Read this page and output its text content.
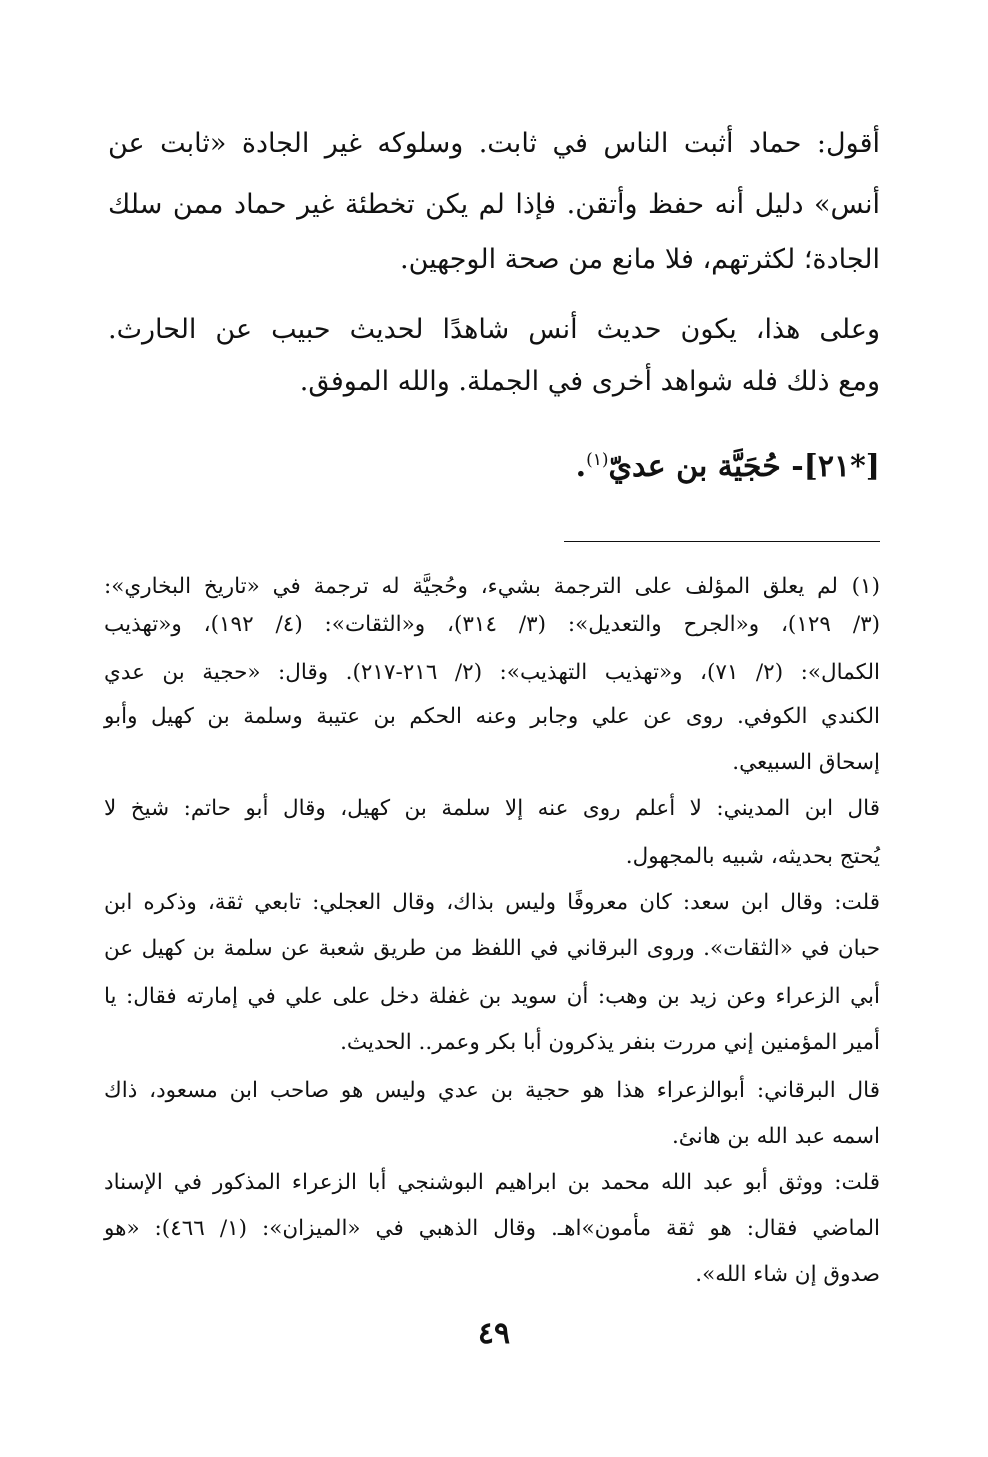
أقول: حماد أثبت الناس في ثابت. وسلوكه غير الجادة «ثابت عن
أنس» دليل أنه حفظ وأتقن. فإذا لم يكن تخطئة غير حماد ممن سلك
الجادة؛ لكثرتهم، فلا مانع من صحة الوجهين.
وعلى هذا، يكون حديث أنس شاهدًا لحديث حبيب عن الحارث.
ومع ذلك فله شواهد أخرى في الجملة. والله الموفق.
[*٢١]- حُجَيَّة بن عديّ$^{(١)}$.
(١)
لم يعلق المؤلف على الترجمة بشيء، وحُجيَّة له ترجمة في «تاريخ البخاري»:
(٣/ ١٢٩)، و«الجرح والتعديل»: (٣/ ٣١٤)، و«الثقات»: (٤/ ١٩٢)، و«تهذيب
الكمال»: (٢/ ٧١)، و«تهذيب التهذيب»: (٢/ ٢١٦-٢١٧). وقال: «حجية بن عدي
الكندي الكوفي. روى عن علي وجابر وعنه الحكم بن عتيبة وسلمة بن كهيل وأبو
إسحاق السبيعي.
قال ابن المديني: لا أعلم روى عنه إلا سلمة بن كهيل، وقال أبو حاتم: شيخ لا
يُحتج بحديثه، شبيه بالمجهول.
قلت: وقال ابن سعد: كان معروفًا وليس بذاك، وقال العجلي: تابعي ثقة، وذكره ابن
حبان في «الثقات». وروى البرقاني في اللفظ من طريق شعبة عن سلمة بن كهيل عن
أبي الزعراء وعن زيد بن وهب: أن سويد بن غفلة دخل على علي في إمارته فقال: يا
أمير المؤمنين إني مررت بنفر يذكرون أبا بكر وعمر.. الحديث.
قال البرقاني: أبوالزعراء هذا هو حجية بن عدي وليس هو صاحب ابن مسعود، ذاك
اسمه عبد الله بن هانئ.
قلت: ووثق أبو عبد الله محمد بن ابراهيم البوشنجي أبا الزعراء المذكور في الإسناد
الماضي فقال: هو ثقة مأمون»اهـ. وقال الذهبي في «الميزان»: (١/ ٤٦٦): «هو
صدوق إن شاء الله».
٤٩
